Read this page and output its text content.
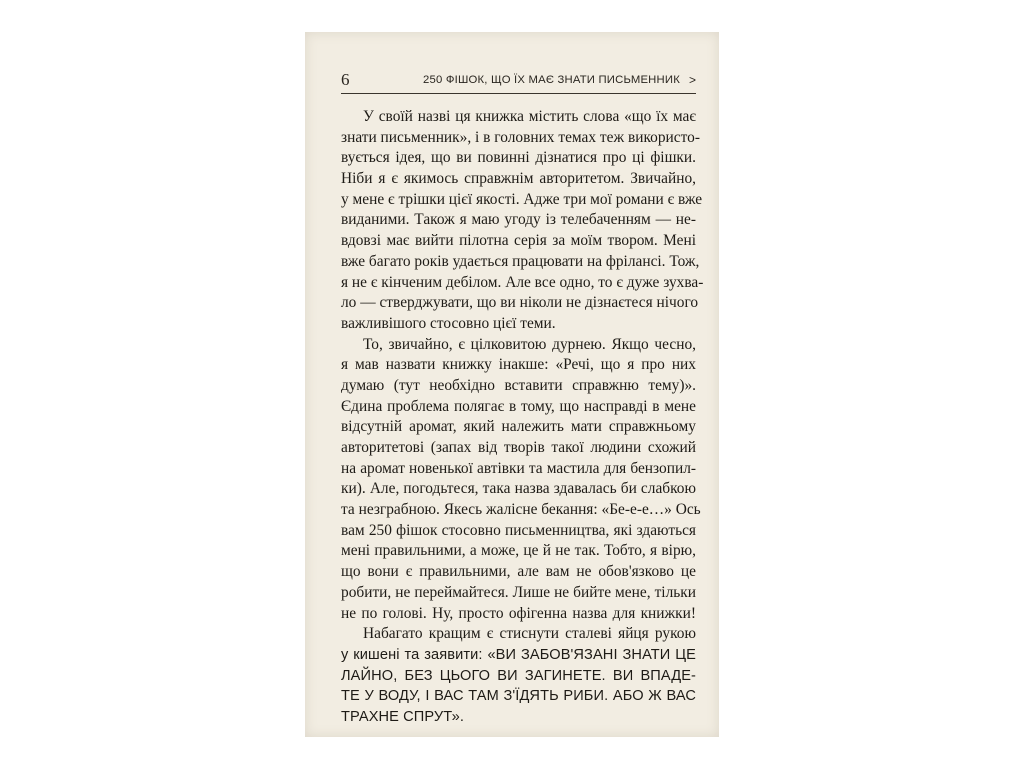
6	250 ФІШОК, ЩО ЇХ МАЄ ЗНАТИ ПИСЬМЕННИК >
У своїй назві ця книжка містить слова «що їх має
знати письменник», і в головних темах теж використо-
вується ідея, що ви повинні дізнатися про ці фішки.
Ніби я є якимось справжнім авторитетом. Звичайно,
у мене є трішки цієї якості. Адже три мої романи є вже
виданими. Також я маю угоду із телебаченням — не-
вдовзі має вийти пілотна серія за моїм твором. Мені
вже багато років удається працювати на фрілансі. Тож,
я не є кінченим дебілом. Але все одно, то є дуже зухва-
ло — стверджувати, що ви ніколи не дізнаєтеся нічого
важливішого стосовно цієї теми.
То, звичайно, є цілковитою дурнею. Якщо чесно,
я мав назвати книжку інакше: «Речі, що я про них
думаю (тут необхідно вставити справжню тему)».
Єдина проблема полягає в тому, що насправді в мене
відсутній аромат, який належить мати справжньому
авторитетові (запах від творів такої людини схожий
на аромат новенької автівки та мастила для бензопил-
ки). Але, погодьтеся, така назва здавалась би слабкою
та незграбною. Якесь жалісне бекання: «Бе-е-е…» Ось
вам 250 фішок стосовно письменництва, які здаються
мені правильними, а може, це й не так. Тобто, я вірю,
що вони є правильними, але вам не обов'язково це
робити, не переймайтеся. Лише не бийте мене, тільки
не по голові. Ну, просто офігенна назва для книжки!
Набагато кращим є стиснути сталеві яйця рукою
у кишені та заявити: «ВИ ЗАБОВ'ЯЗАНІ ЗНАТИ ЦЕ
ЛАЙНО, БЕЗ ЦЬОГО ВИ ЗАГИНЕТЕ. ВИ ВПАДЕ-
ТЕ У ВОДУ, І ВАС ТАМ З'ЇДЯТЬ РИБИ. АБО Ж ВАС
ТРАХНЕ СПРУТ».
